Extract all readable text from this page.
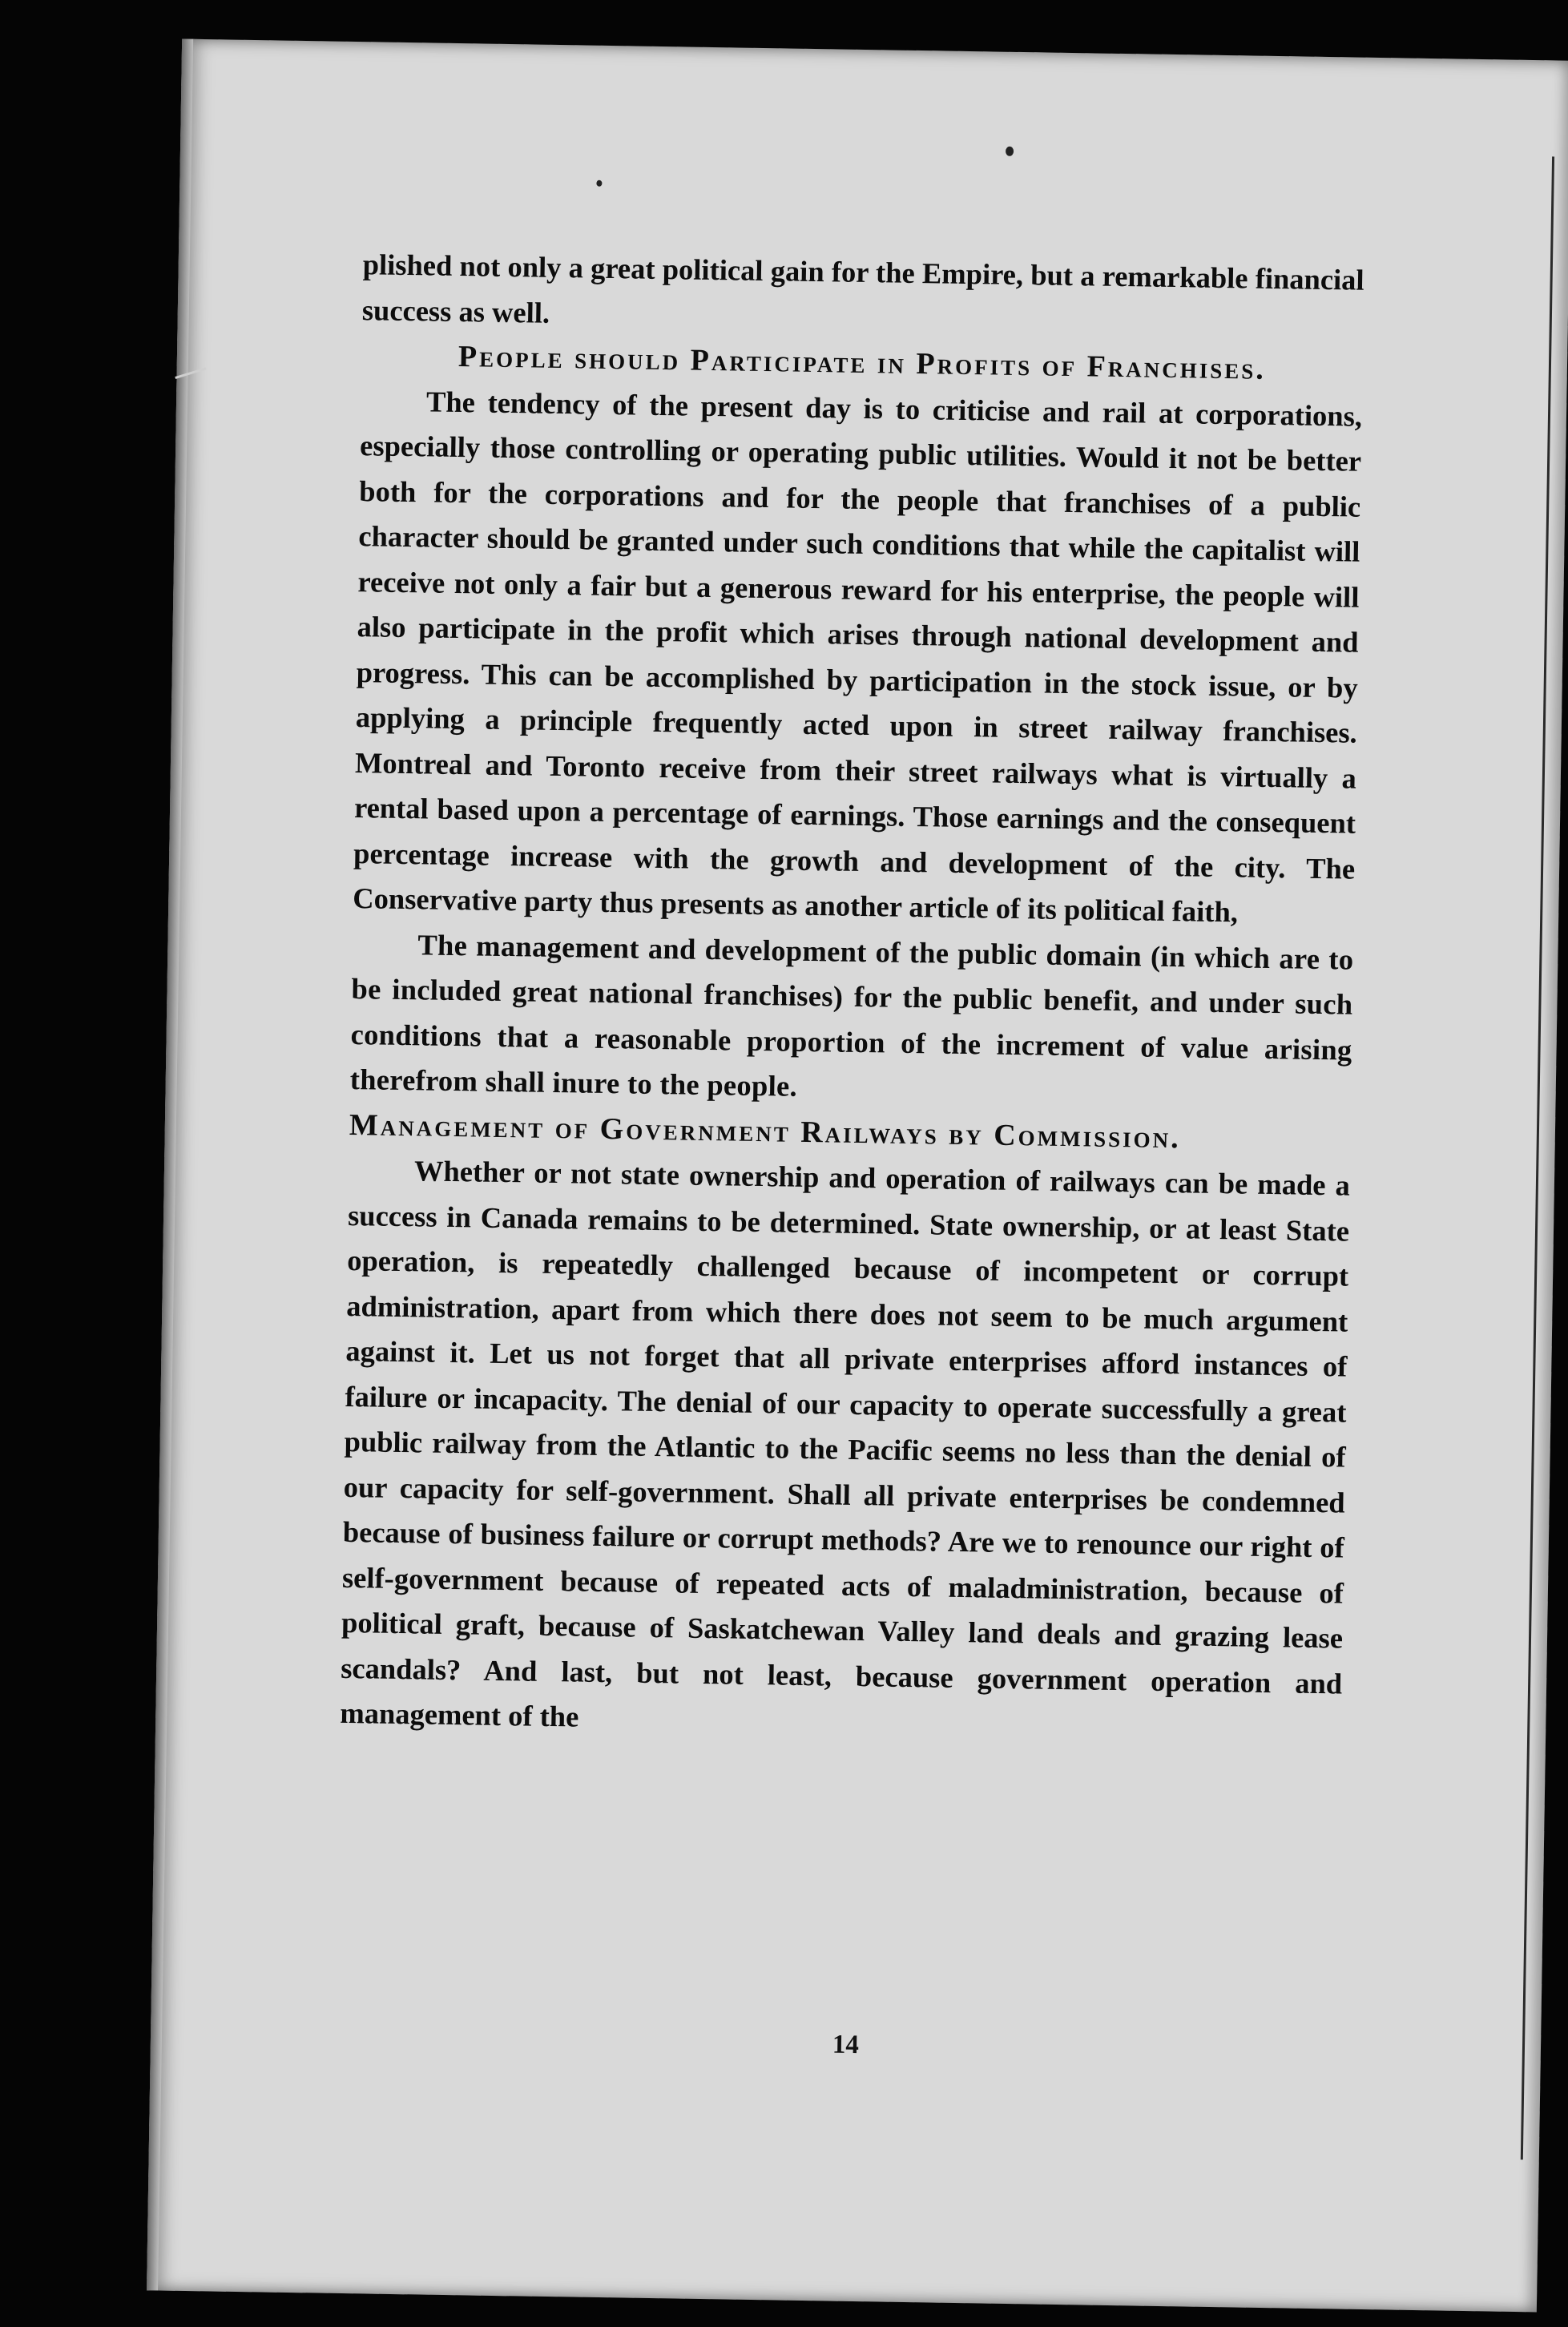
plished not only a great political gain for the Empire, but a remarkable financial success as well.

People should Participate in Profits of Franchises.

The tendency of the present day is to criticise and rail at corporations, especially those controlling or operating public utilities. Would it not be better both for the corporations and for the people that franchises of a public character should be granted under such conditions that while the capitalist will receive not only a fair but a generous reward for his enterprise, the people will also participate in the profit which arises through national development and progress. This can be accomplished by participation in the stock issue, or by applying a principle frequently acted upon in street railway franchises. Montreal and Toronto receive from their street railways what is virtually a rental based upon a percentage of earnings. Those earnings and the consequent percentage increase with the growth and development of the city. The Conservative party thus presents as another article of its political faith,

The management and development of the public domain (in which are to be included great national franchises) for the public benefit, and under such conditions that a reasonable proportion of the increment of value arising therefrom shall inure to the people.

Management of Government Railways by Commission.

Whether or not state ownership and operation of railways can be made a success in Canada remains to be determined. State ownership, or at least State operation, is repeatedly challenged because of incompetent or corrupt administration, apart from which there does not seem to be much argument against it. Let us not forget that all private enterprises afford instances of failure or incapacity. The denial of our capacity to operate successfully a great public railway from the Atlantic to the Pacific seems no less than the denial of our capacity for self-government. Shall all private enterprises be condemned because of business failure or corrupt methods? Are we to renounce our right of self-government because of repeated acts of maladministration, because of political graft, because of Saskatchewan Valley land deals and grazing lease scandals? And last, but not least, because government operation and management of the

14
